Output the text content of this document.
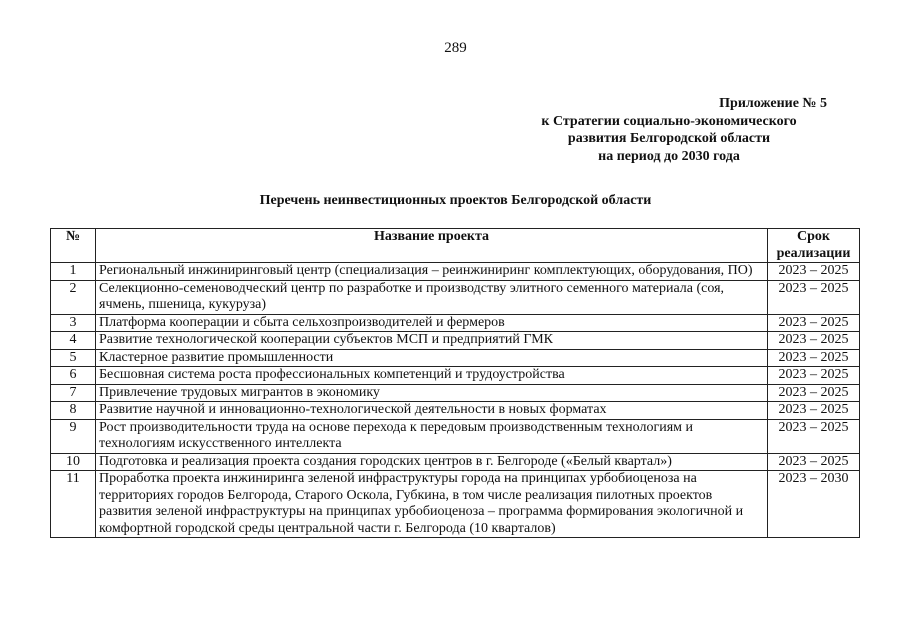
289
Приложение № 5
к Стратегии социально-экономического
развития Белгородской области
на период до 2030 года
Перечень неинвестиционных проектов Белгородской области
№	Название проекта	Срок
реализации
1	Региональный инжиниринговый центр (специализация – реинжиниринг комплектующих, оборудования, ПО)	2023 – 2025
2	Селекционно-семеноводческий центр по разработке и производству элитного семенного материала (соя, ячмень, пшеница, кукуруза)	2023 – 2025
3	Платформа кооперации и сбыта сельхозпроизводителей и фермеров	2023 – 2025
4	Развитие технологической кооперации субъектов МСП и предприятий ГМК	2023 – 2025
5	Кластерное развитие промышленности	2023 – 2025
6	Бесшовная система роста профессиональных компетенций и трудоустройства	2023 – 2025
7	Привлечение трудовых мигрантов в экономику	2023 – 2025
8	Развитие научной и инновационно-технологической деятельности в новых форматах	2023 – 2025
9	Рост производительности труда на основе перехода к передовым производственным технологиям и технологиям искусственного интеллекта	2023 – 2025
10	Подготовка и реализация проекта создания городских центров в г. Белгороде («Белый квартал»)	2023 – 2025
11	Проработка проекта инжиниринга зеленой инфраструктуры города на принципах урбобиоценоза на территориях городов Белгорода, Старого Оскола, Губкина, в том числе реализация пилотных проектов развития зеленой инфраструктуры на принципах урбобиоценоза – программа формирования экологичной и комфортной городской среды центральной части г. Белгорода (10 кварталов)	2023 – 2030
